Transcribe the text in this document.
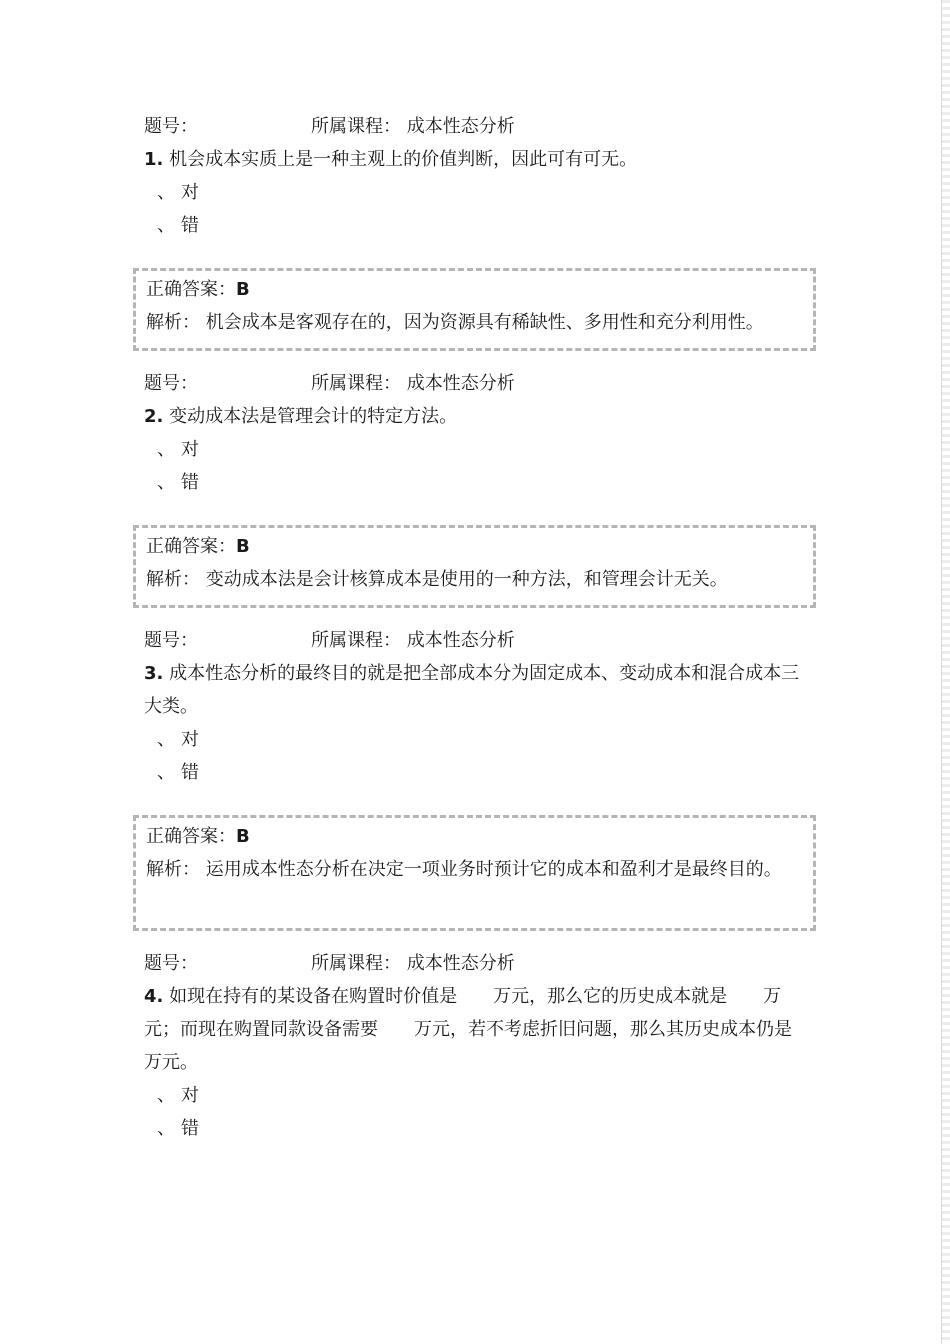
题号：	所属课程： 成本性态分析
1. 机会成本实质上是一种主观上的价值判断，因此可有可无。
、 对
、 错
正确答案：B
解析： 机会成本是客观存在的，因为资源具有稀缺性、多用性和充分利用性。
题号：	所属课程： 成本性态分析
2. 变动成本法是管理会计的特定方法。
、 对
、 错
正确答案：B
解析： 变动成本法是会计核算成本是使用的一种方法，和管理会计无关。
题号：	所属课程： 成本性态分析
3. 成本性态分析的最终目的就是把全部成本分为固定成本、变动成本和混合成本三大类。
、 对
、 错
正确答案：B
解析： 运用成本性态分析在决定一项业务时预计它的成本和盈利才是最终目的。
题号：	所属课程： 成本性态分析
4. 如现在持有的某设备在购置时价值是　　万元，那么它的历史成本就是　　万元；而现在购置同款设备需要　　万元，若不考虑折旧问题，那么其历史成本仍是　　万元。
、 对
、 错
